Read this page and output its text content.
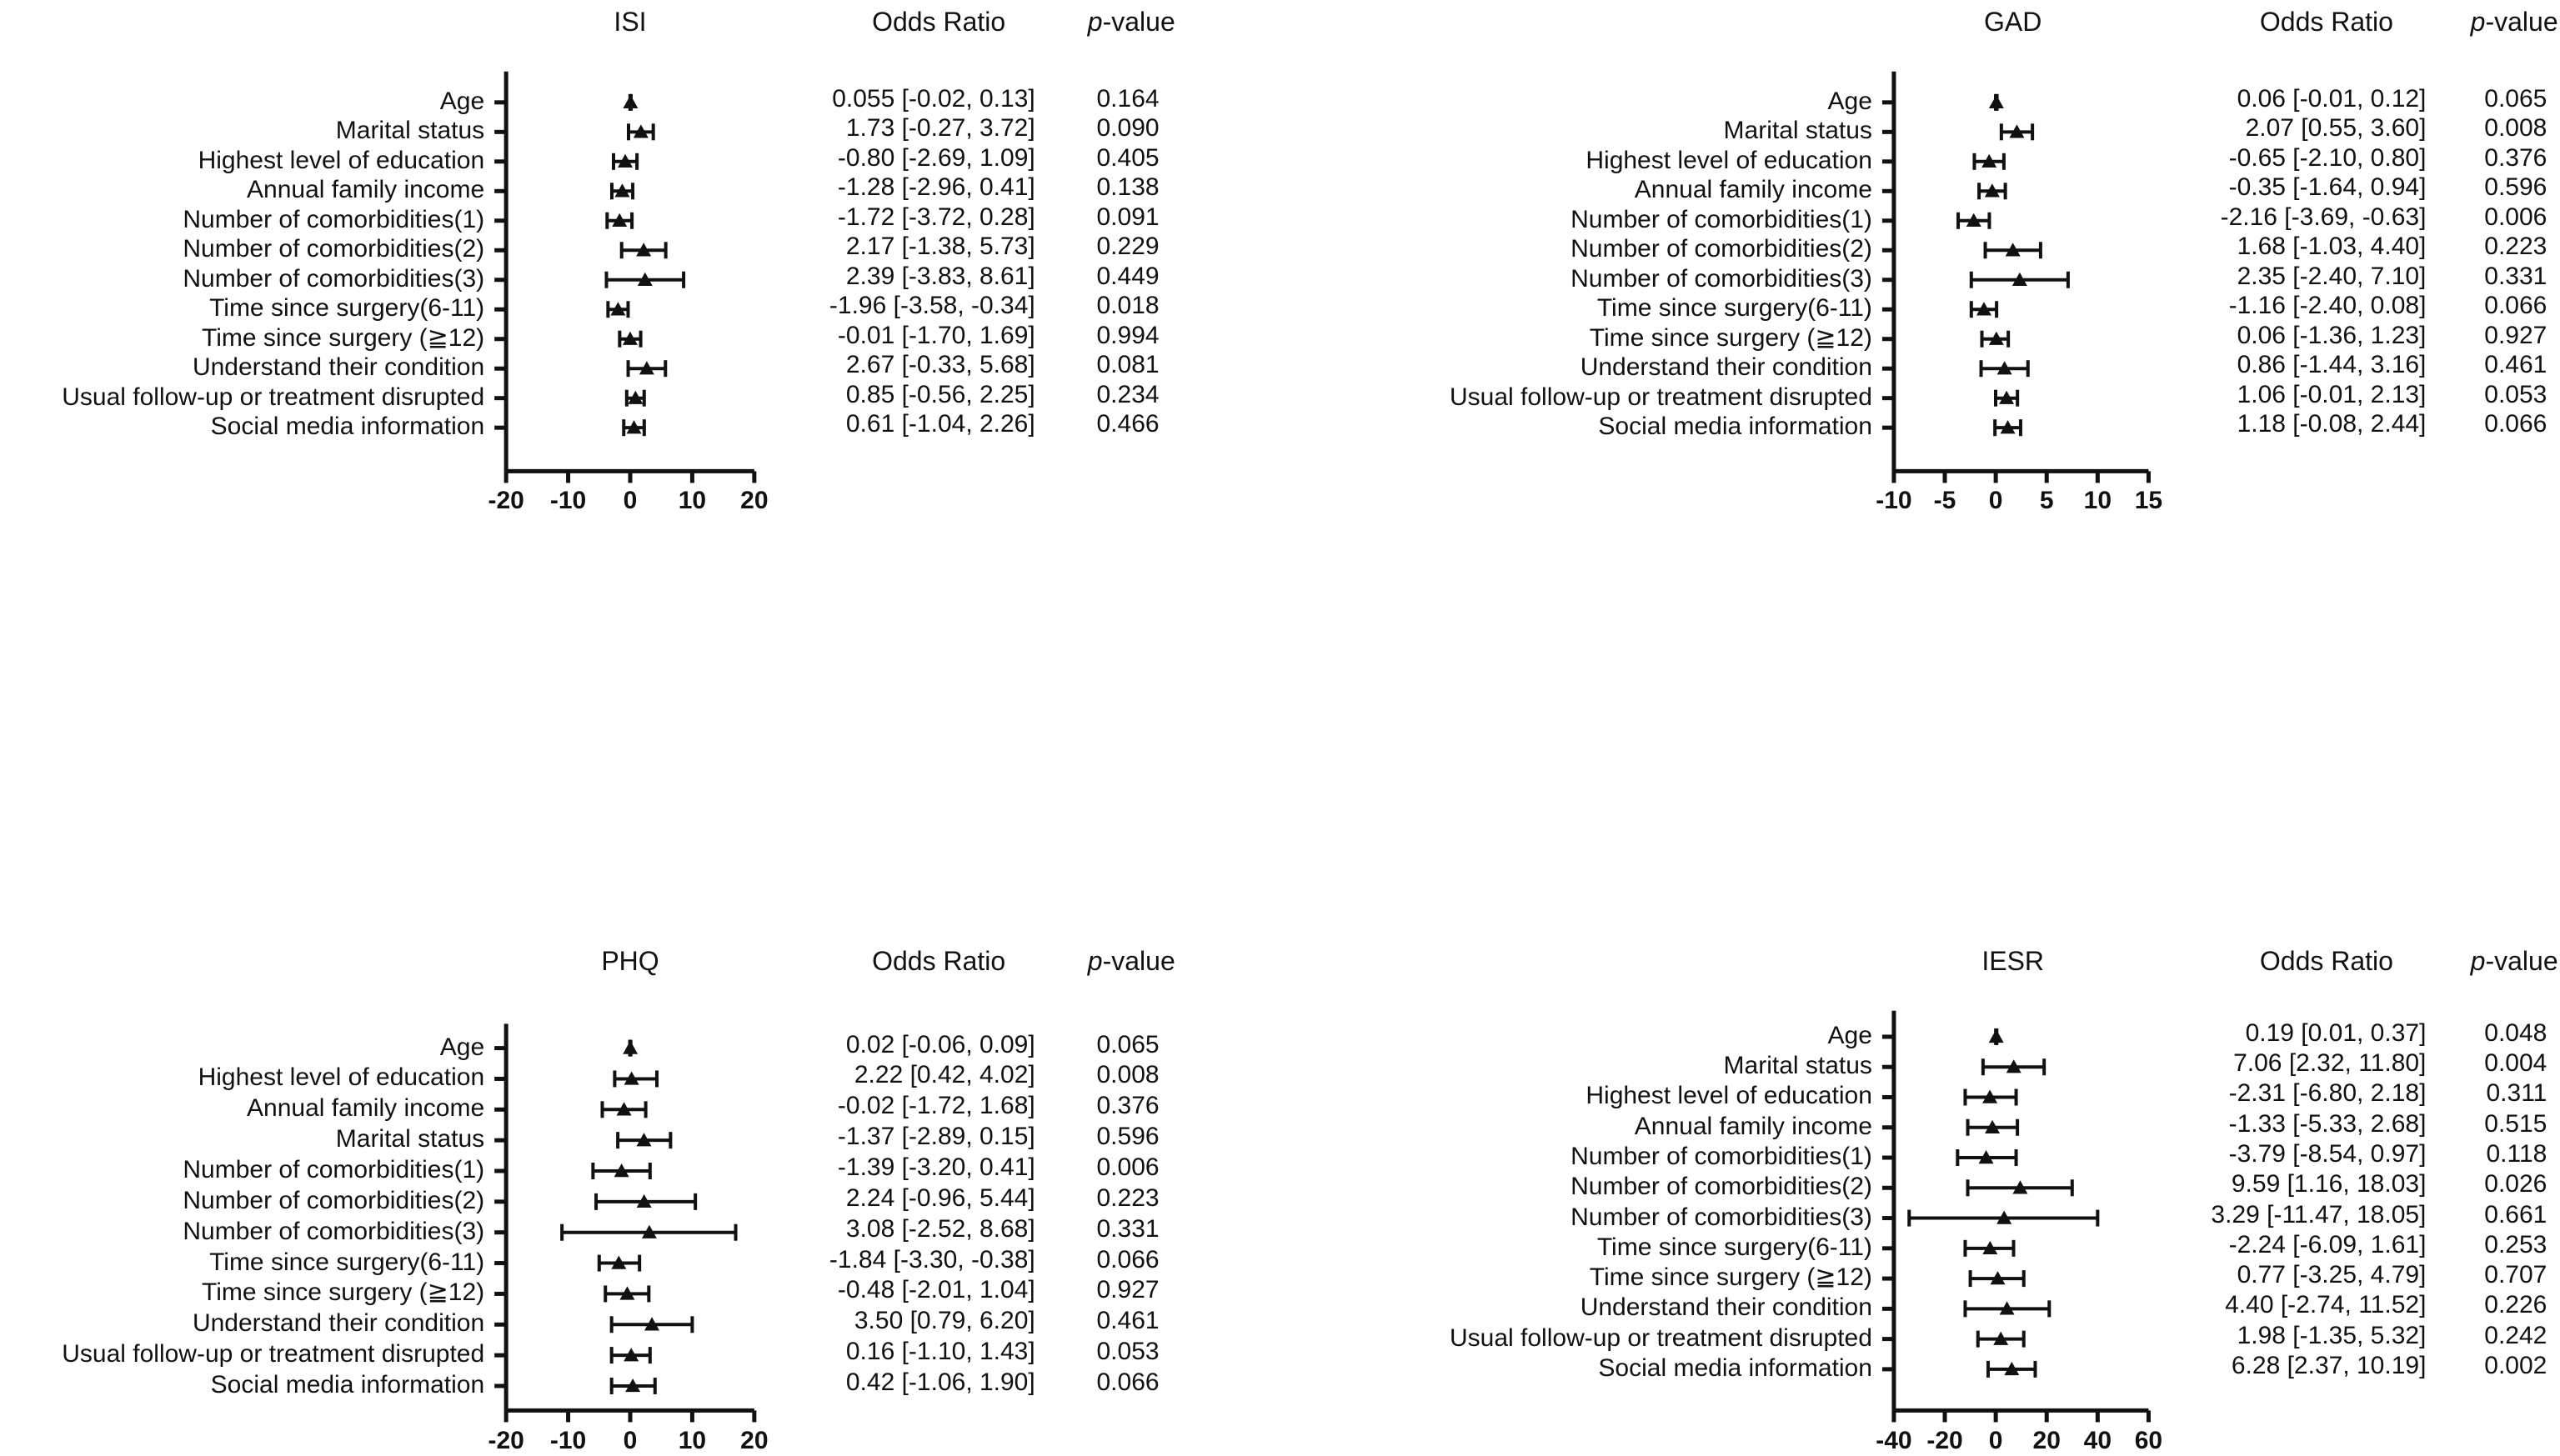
ISI	Odds Ratio	p-value
-20	-10	0	10	20
Age	0.055 [-0.02, 0.13] 0.164
Marital status	1.73 [-0.27, 3.72] 0.090
Highest level of education	-0.80 [-2.69, 1.09] 0.405
Annual family income	-1.28 [-2.96, 0.41] 0.138
Number of comorbidities(1)	-1.72 [-3.72, 0.28] 0.091
Number of comorbidities(2)	2.17 [-1.38, 5.73] 0.229
Number of comorbidities(3)	2.39 [-3.83, 8.61] 0.449
Time since surgery(6-11)	-1.96 [-3.58, -0.34] 0.018
Time since surgery (≧12)	-0.01 [-1.70, 1.69] 0.994
Understand their condition	2.67 [-0.33, 5.68] 0.081
Usual follow-up or treatment disrupted	0.85 [-0.56, 2.25] 0.234
Social media information	0.61 [-1.04, 2.26] 0.466
GAD	Odds Ratio	p-value
-10 -5	0	5	10 15
Age	0.06 [-0.01, 0.12] 0.065
Marital status	2.07 [0.55, 3.60] 0.008
Highest level of education	-0.65 [-2.10, 0.80] 0.376
Annual family income	-0.35 [-1.64, 0.94] 0.596
Number of comorbidities(1)	-2.16 [-3.69, -0.63] 0.006
Number of comorbidities(2)	1.68 [-1.03, 4.40] 0.223
Number of comorbidities(3)	2.35 [-2.40, 7.10] 0.331
Time since surgery(6-11)	-1.16 [-2.40, 0.08] 0.066
Time since surgery (≧12)	0.06 [-1.36, 1.23] 0.927
Understand their condition	0.86 [-1.44, 3.16] 0.461
Usual follow-up or treatment disrupted	1.06 [-0.01, 2.13] 0.053
Social media information	1.18 [-0.08, 2.44] 0.066
PHQ	Odds Ratio	p-value
-20	-10	0	10	20
Age	0.02 [-0.06, 0.09] 0.065
Highest level of education	2.22 [0.42, 4.02] 0.008
Annual family income	-0.02 [-1.72, 1.68] 0.376
Marital status	-1.37 [-2.89, 0.15] 0.596
Number of comorbidities(1)	-1.39 [-3.20, 0.41] 0.006
Number of comorbidities(2)	2.24 [-0.96, 5.44] 0.223
Number of comorbidities(3)	3.08 [-2.52, 8.68] 0.331
Time since surgery(6-11)	-1.84 [-3.30, -0.38] 0.066
Time since surgery (≧12)	-0.48 [-2.01, 1.04] 0.927
Understand their condition	3.50 [0.79, 6.20] 0.461
Usual follow-up or treatment disrupted	0.16 [-1.10, 1.43] 0.053
Social media information	0.42 [-1.06, 1.90] 0.066
IESR	Odds Ratio	p-value
-40 -20	0	20 40 60
Age	0.19 [0.01, 0.37] 0.048
Marital status	7.06 [2.32, 11.80] 0.004
Highest level of education	-2.31 [-6.80, 2.18] 0.311
Annual family income	-1.33 [-5.33, 2.68] 0.515
Number of comorbidities(1)	-3.79 [-8.54, 0.97] 0.118
Number of comorbidities(2)	9.59 [1.16, 18.03] 0.026
Number of comorbidities(3)	3.29 [-11.47, 18.05] 0.661
Time since surgery(6-11)	-2.24 [-6.09, 1.61] 0.253
Time since surgery (≧12)	0.77 [-3.25, 4.79] 0.707
Understand their condition	4.40 [-2.74, 11.52] 0.226
Usual follow-up or treatment disrupted	1.98 [-1.35, 5.32] 0.242
Social media information	6.28 [2.37, 10.19] 0.002
